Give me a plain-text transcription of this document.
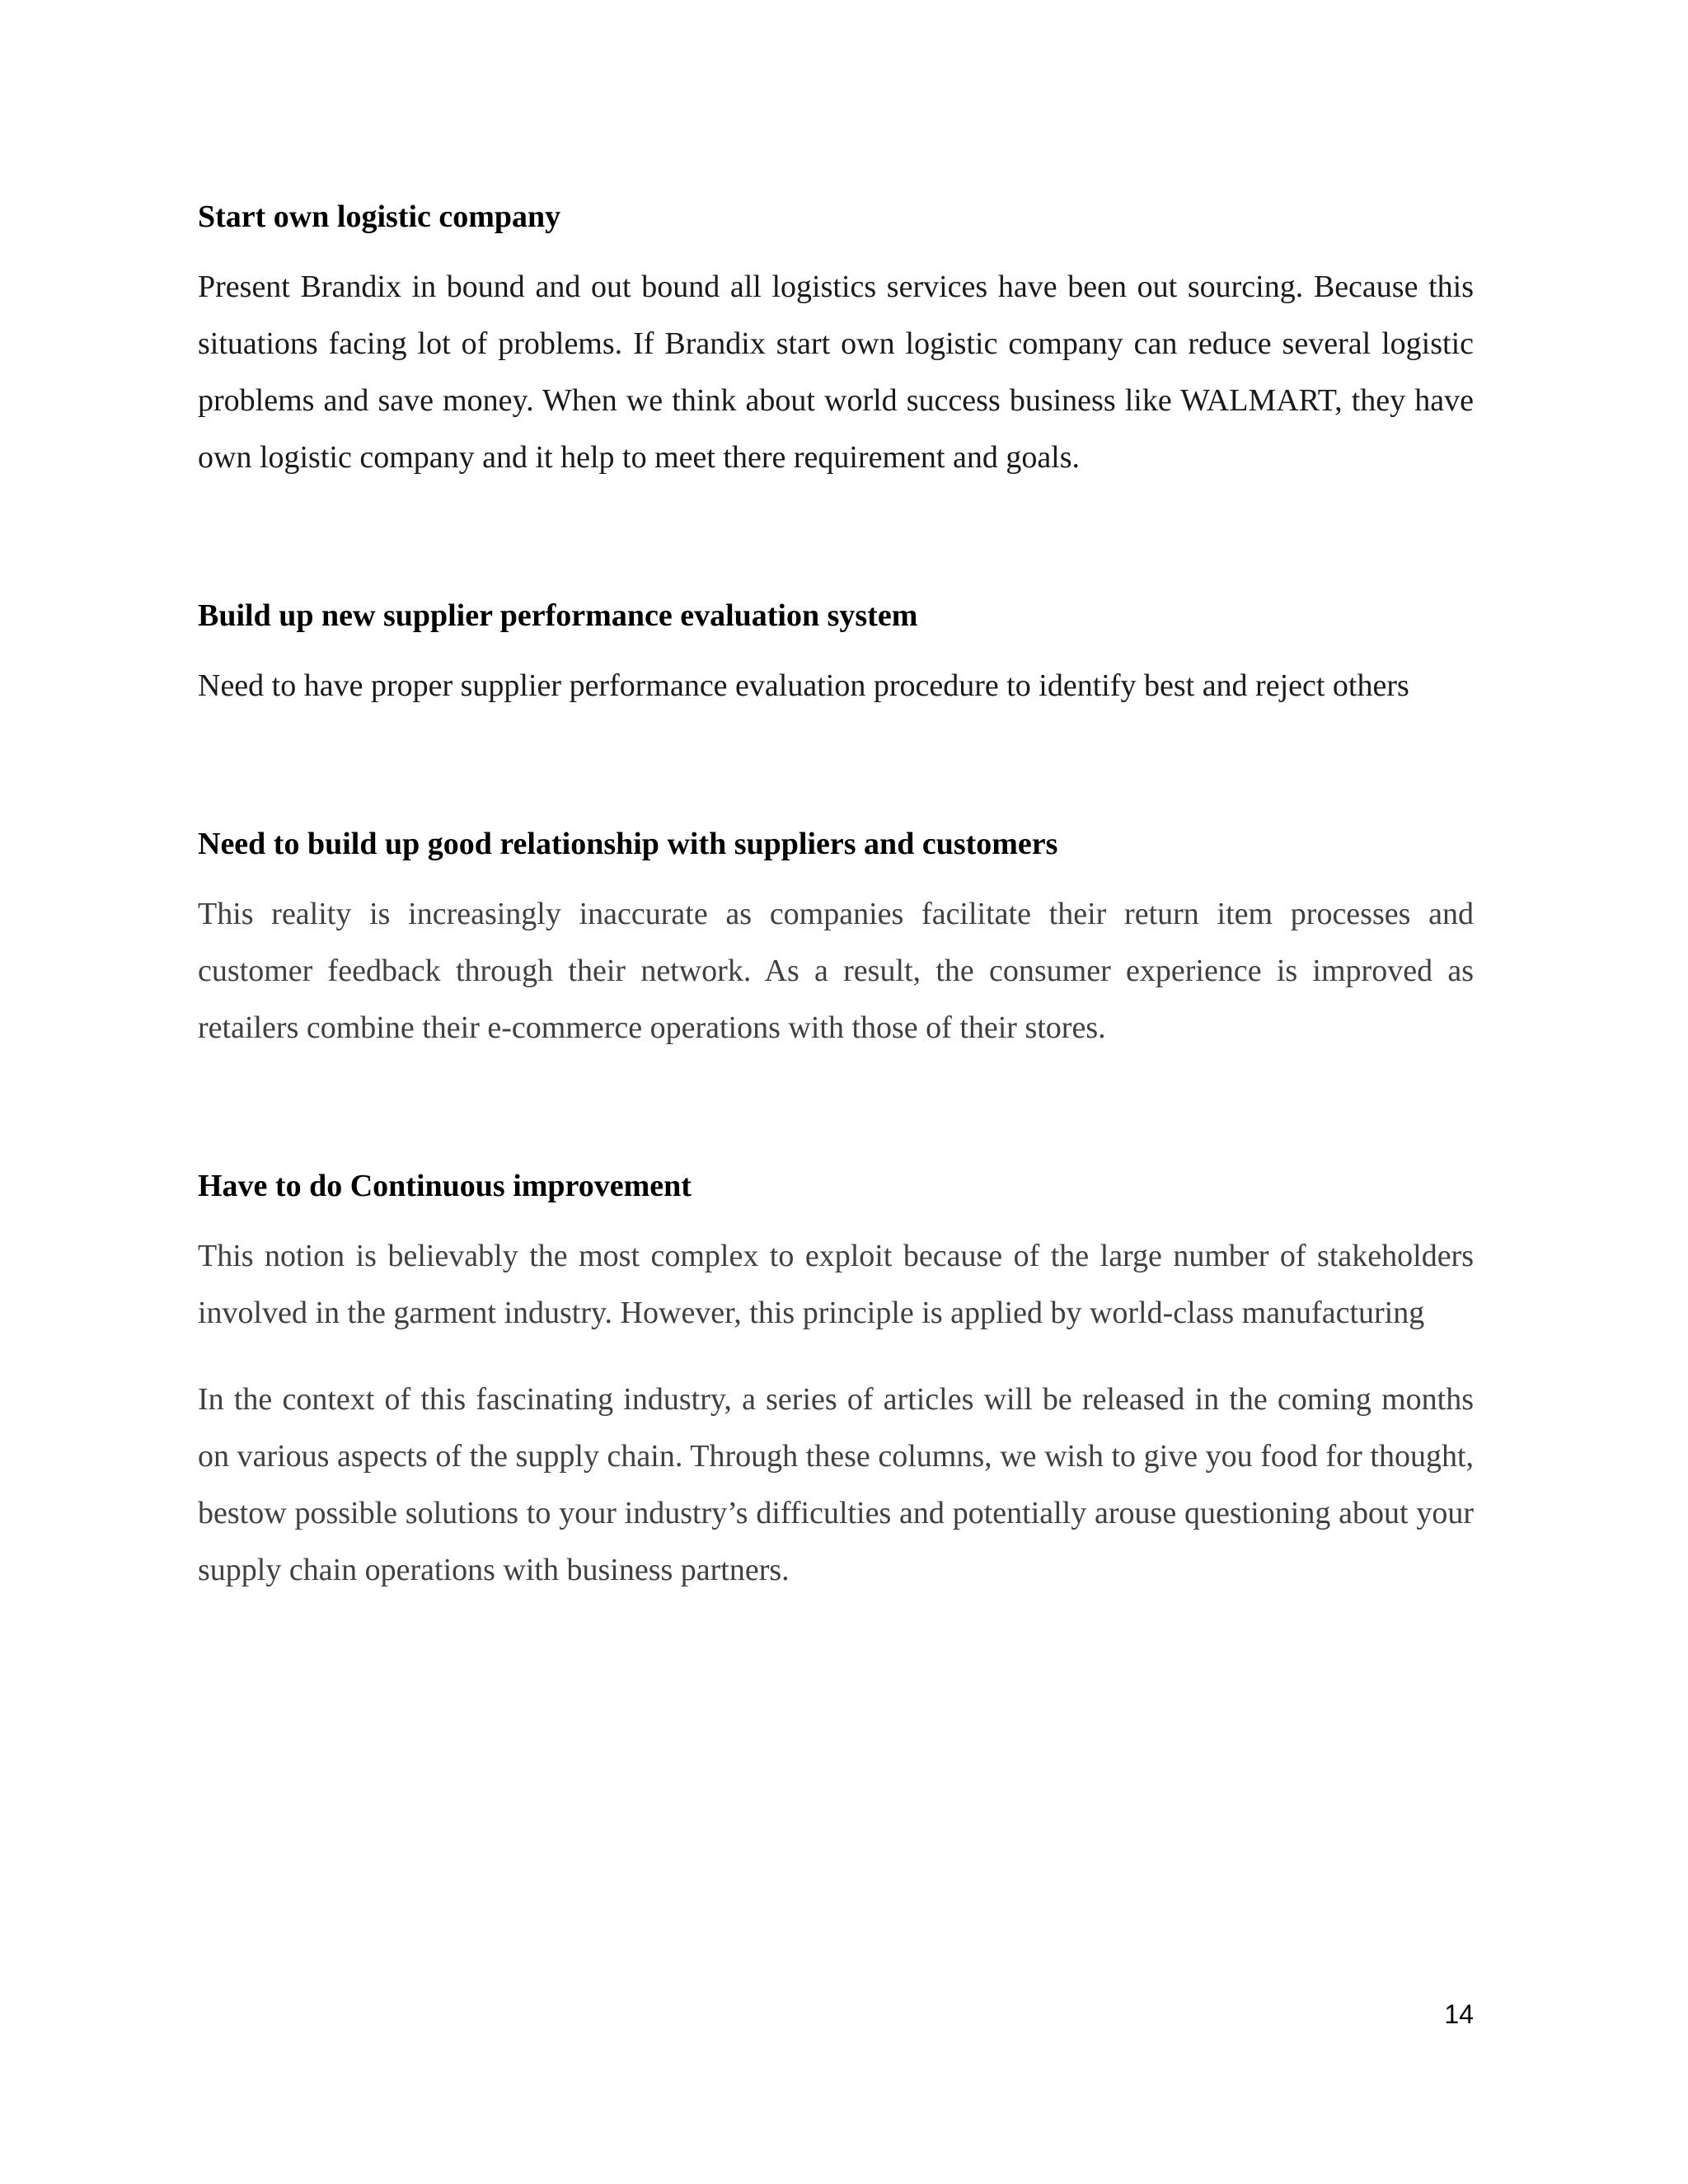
Start own logistic company

Present Brandix in bound and out bound all logistics services have been out sourcing. Because this situations facing lot of problems. If Brandix start own logistic company can reduce several logistic problems and save money. When we think about world success business like WALMART, they have own logistic company and it help to meet there requirement and goals.

Build up new supplier performance evaluation system

Need to have proper supplier performance evaluation procedure to identify best and reject others

Need to build up good relationship with suppliers and customers

This reality is increasingly inaccurate as companies facilitate their return item processes and customer feedback through their network. As a result, the consumer experience is improved as retailers combine their e-commerce operations with those of their stores.

Have to do Continuous improvement

This notion is believably the most complex to exploit because of the large number of stakeholders involved in the garment industry. However, this principle is applied by world-class manufacturing

In the context of this fascinating industry, a series of articles will be released in the coming months on various aspects of the supply chain. Through these columns, we wish to give you food for thought, bestow possible solutions to your industry’s difficulties and potentially arouse questioning about your supply chain operations with business partners.

14
